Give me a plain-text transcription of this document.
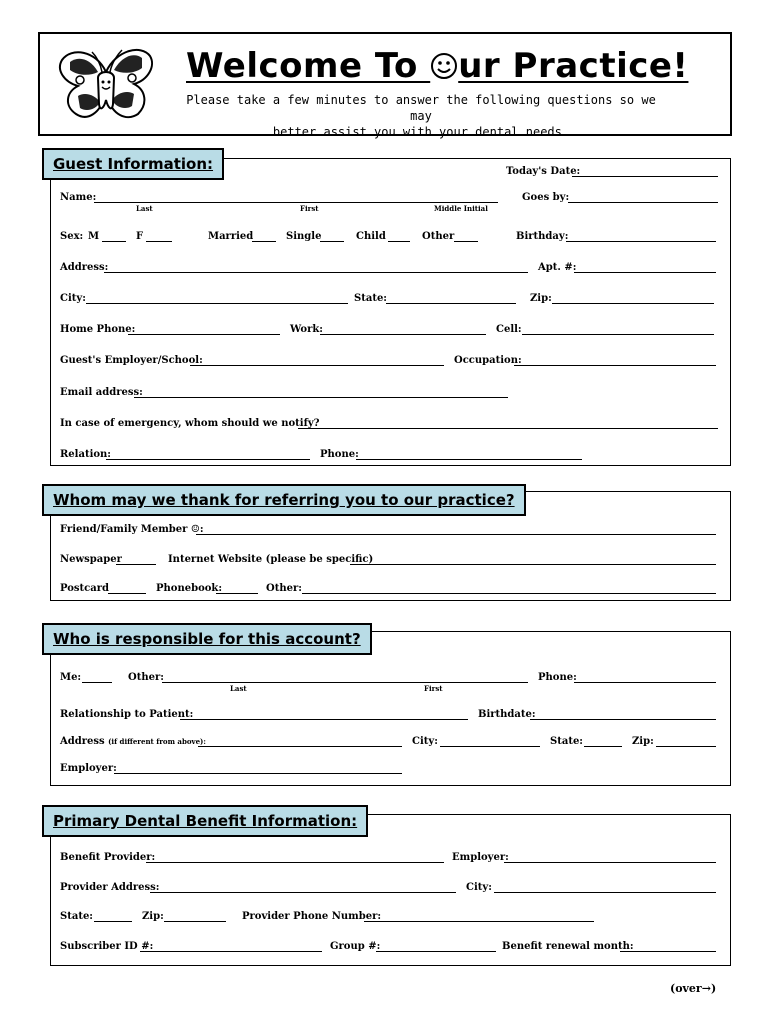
Welcome To ur Practice!
Please take a few minutes to answer the following questions so we may
better assist you with your dental needs.
Guest Information:	Today's Date:
Name:	Goes by:
Last	First	Middle Initial
Sex: M	F	Married	Single	Child	Other	Birthday:
Address:	Apt. #:
City:	State:	Zip:
Home Phone:	Work:	Cell:
Guest's Employer/School:	Occupation:
Email address:
In case of emergency, whom should we notify?
Relation:	Phone:
Whom may we thank for referring you to our practice?
Friend/Family Member ☺:
Newspaper	Internet Website (please be specific)
Postcard	Phonebook:	Other:
Who is responsible for this account?
Me:	Other:	Phone:
Last	First
Relationship to Patient:	Birthdate:
Address (if different from above):	City:	State:	Zip:
Employer:
Primary Dental Benefit Information:
Benefit Provider:	Employer:
Provider Address:	City:
State:	Zip:	Provider Phone Number:
Subscriber ID #:	Group #:	Benefit renewal month:
(over→)
